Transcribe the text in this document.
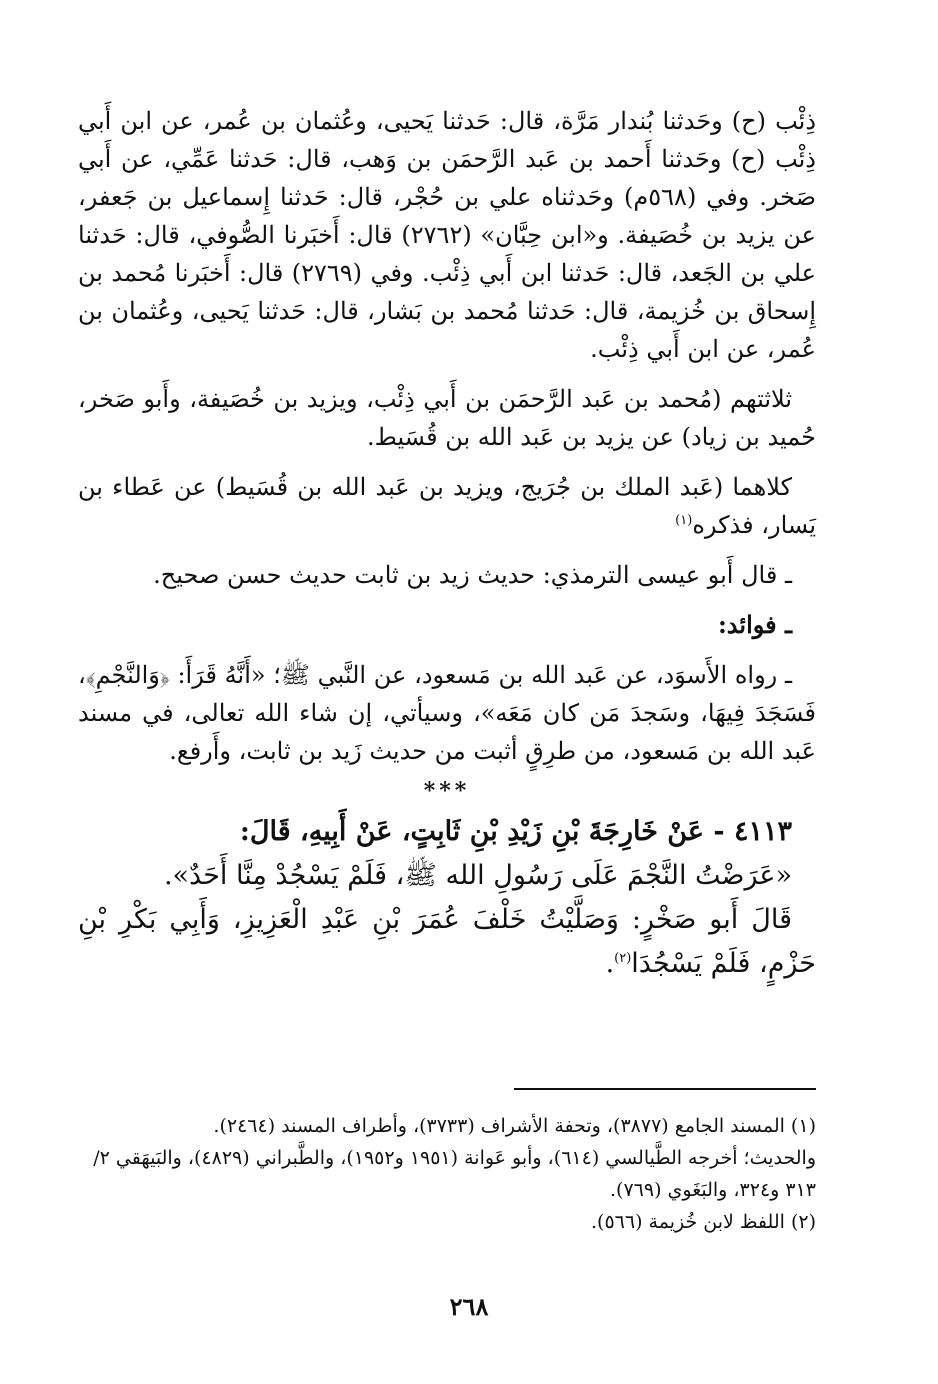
ذِئْب (ح) وحَدثنا بُندار مَرَّة، قال: حَدثنا يَحيى، وعُثمان بن عُمر، عن ابن أَبي ذِئْب (ح) وحَدثنا أَحمد بن عَبد الرَّحمَن بن وَهب، قال: حَدثنا عَمِّي، عن أَبي صَخر. وفي (٥٦٨م) وحَدثناه علي بن حُجْر، قال: حَدثنا إِسماعيل بن جَعفر، عن يزيد بن خُصَيفة. و«ابن حِبَّان» (٢٧٦٢) قال: أَخبَرنا الصُّوفي، قال: حَدثنا علي بن الجَعد، قال: حَدثنا ابن أَبي ذِئْب. وفي (٢٧٦٩) قال: أَخبَرنا مُحمد بن إِسحاق بن خُزيمة، قال: حَدثنا مُحمد بن بَشار، قال: حَدثنا يَحيى، وعُثمان بن عُمر، عن ابن أَبي ذِئْب.

ثلاثتهم (مُحمد بن عَبد الرَّحمَن بن أَبي ذِئْب، ويزيد بن خُصَيفة، وأَبو صَخر، حُميد بن زياد) عن يزيد بن عَبد الله بن قُسَيط.

كلاهما (عَبد الملك بن جُرَيج، ويزيد بن عَبد الله بن قُسَيط) عن عَطاء بن يَسار، فذكره$^{(١)}$

ـ قال أَبو عيسى الترمذي: حديث زيد بن ثابت حديث حسن صحيح.

ـ فوائد:

ـ رواه الأَسوَد، عن عَبد الله بن مَسعود، عن النَّبي ﷺ؛ «أَنَّهُ قَرَأَ: ﴿وَالنَّجْمِ﴾، فَسَجَدَ فِيهَا، وسَجدَ مَن كان مَعَه»، وسيأتي، إن شاء الله تعالى، في مسند عَبد الله بن مَسعود، من طرِقٍ أثبت من حديث زَيد بن ثابت، وأَرفع.

***

٤١١٣ - عَنْ خَارِجَةَ بْنِ زَيْدِ بْنِ ثَابِتٍ، عَنْ أَبِيهِ، قَالَ:

«عَرَضْتُ النَّجْمَ عَلَى رَسُولِ الله ﷺ، فَلَمْ يَسْجُدْ مِنَّا أَحَدٌ».

قَالَ أَبو صَخْرٍ: وَصَلَّيْتُ خَلْفَ عُمَرَ بْنِ عَبْدِ الْعَزِيزِ، وَأَبِي بَكْرِ بْنِ حَزْمٍ، فَلَمْ يَسْجُدَا$^{(٢)}$.

(١) المسند الجامع (٣٨٧٧)، وتحفة الأشراف (٣٧٣٣)، وأطراف المسند (٢٤٦٤).

والحديث؛ أخرجه الطَّيالسي (٦١٤)، وأبو عَوانة (١٩٥١ و١٩٥٢)، والطَّبراني (٤٨٢٩)، والبَيهَقي ٢/ ٣١٣ و٣٢٤، والبَغَوي (٧٦٩).

(٢) اللفظ لابن خُزيمة (٥٦٦).

٢٦٨
